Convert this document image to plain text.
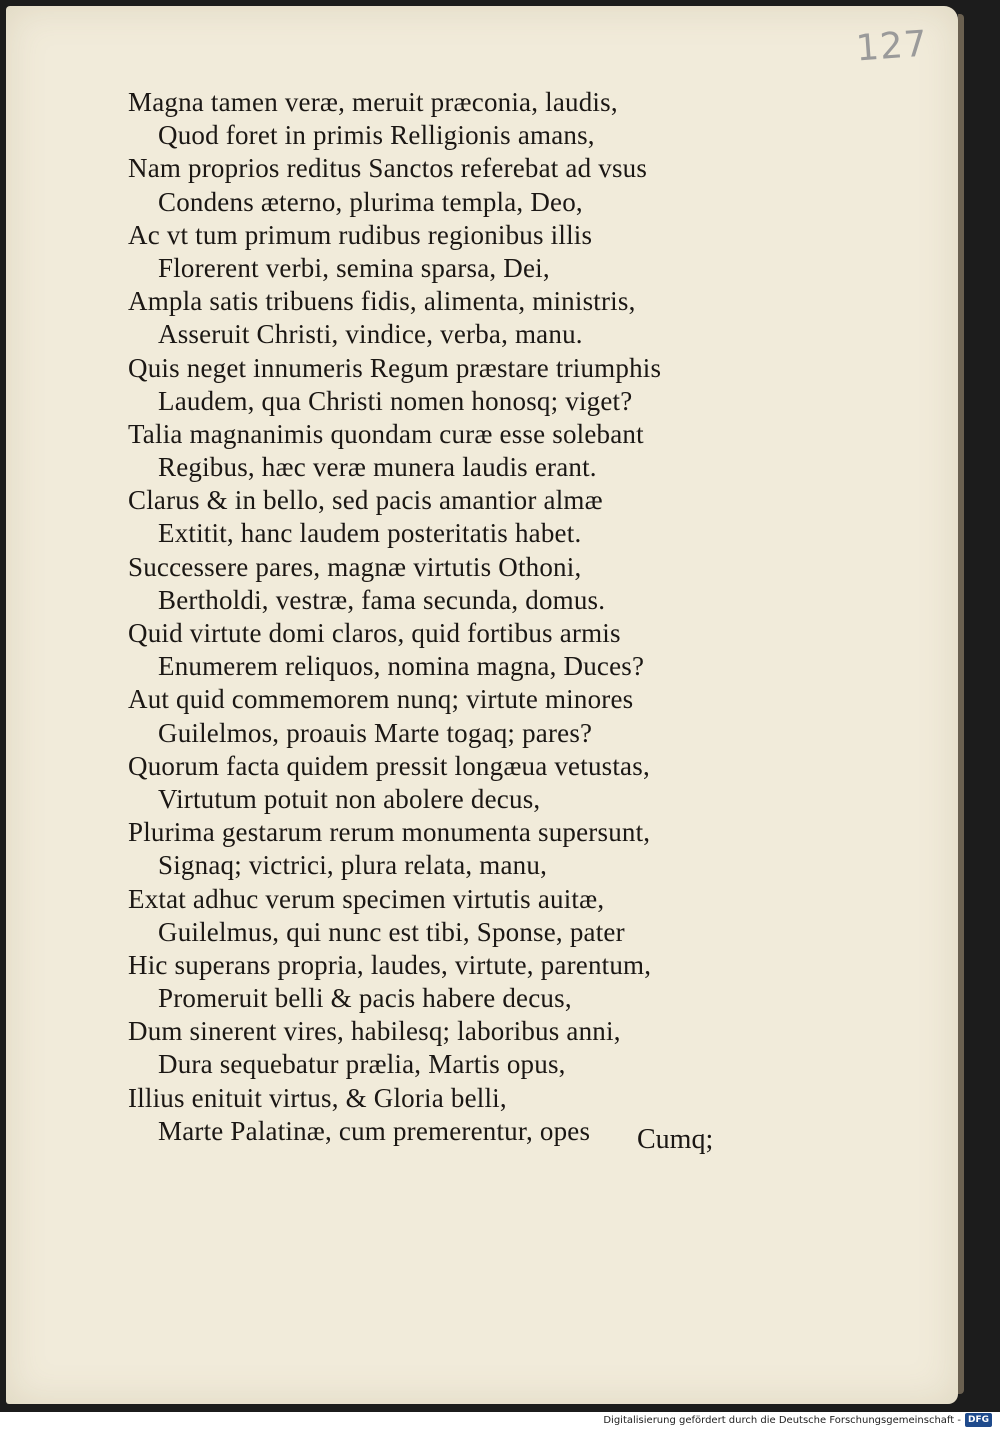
127
Magna tamen veræ, meruit præconia, laudis,
Quod foret in primis Relligionis amans,
Nam proprios reditus Sanctos referebat ad vsus
Condens æterno, plurima templa, Deo,
Ac vt tum primum rudibus regionibus illis
Florerent verbi, semina sparsa, Dei,
Ampla satis tribuens fidis, alimenta, ministris,
Asseruit Christi, vindice, verba, manu.
Quis neget innumeris Regum præstare triumphis
Laudem, qua Christi nomen honosq; viget?
Talia magnanimis quondam curæ esse solebant
Regibus, hæc veræ munera laudis erant.
Clarus & in bello, sed pacis amantior almæ
Extitit, hanc laudem posteritatis habet.
Successere pares, magnæ virtutis Othoni,
Bertholdi, vestræ, fama secunda, domus.
Quid virtute domi claros, quid fortibus armis
Enumerem reliquos, nomina magna, Duces?
Aut quid commemorem nunq; virtute minores
Guilelmos, proauis Marte togaq; pares?
Quorum facta quidem pressit longæua vetustas,
Virtutum potuit non abolere decus,
Plurima gestarum rerum monumenta supersunt,
Signaq; victrici, plura relata, manu,
Extat adhuc verum specimen virtutis auitæ,
Guilelmus, qui nunc est tibi, Sponse, pater
Hic superans propria, laudes, virtute, parentum,
Promeruit belli & pacis habere decus,
Dum sinerent vires, habilesq; laboribus anni,
Dura sequebatur prælia, Martis opus,
Illius enituit virtus, & Gloria belli,
Marte Palatinæ, cum premerentur, opes	Cumq;
Digitalisierung gefördert durch die Deutsche Forschungsgemeinschaft - DFG
